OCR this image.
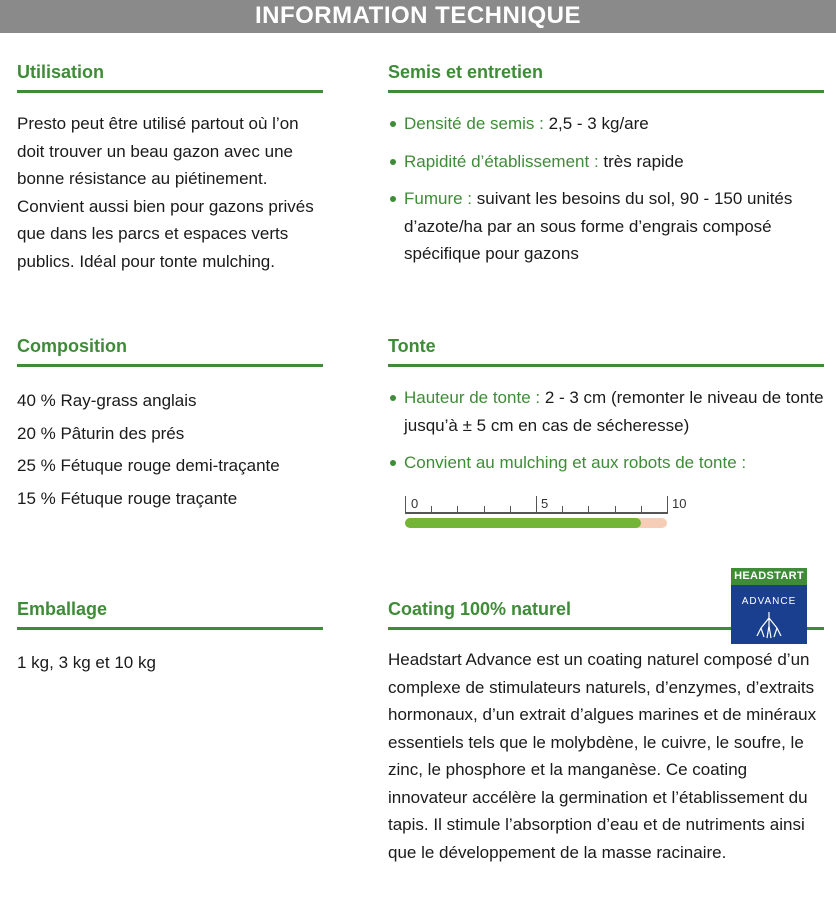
INFORMATION TECHNIQUE
Utilisation

Presto peut être utilisé partout où l’on doit trouver un beau gazon avec une bonne résistance au piétinement. Convient aussi bien pour gazons privés que dans les parcs et espaces verts publics. Idéal pour tonte mulching.

Semis et entretien
Densité de semis : 2,5 - 3 kg/are
Rapidité d’établissement : très rapide
Fumure : suivant les besoins du sol, 90 - 150 unités d’azote/ha par an sous forme d’engrais composé spécifique pour gazons
Composition
40 % Ray-grass anglais
20 % Pâturin des prés
25 % Fétuque rouge demi-traçante
15 % Fétuque rouge traçante
Tonte
Hauteur de tonte : 2 - 3 cm (remonter le niveau de tonte jusqu’à ± 5 cm en cas de sécheresse)
Convient au mulching et aux robots de tonte :
0	5	10
Emballage

1 kg, 3 kg et 10 kg

Coating 100% naturel

Headstart Advance est un coating naturel composé d’un complexe de stimulateurs naturels, d’enzymes, d’extraits hormonaux, d’un extrait d’algues marines et de minéraux essentiels tels que le molybdène, le cuivre, le soufre, le zinc, le phosphore et la manganèse. Ce coating innovateur accélère la germination et l’établissement du tapis. Il stimule l’absorption d’eau et de nutriments ainsi que le développement de la masse racinaire.

HEADSTART
ADVANCE
